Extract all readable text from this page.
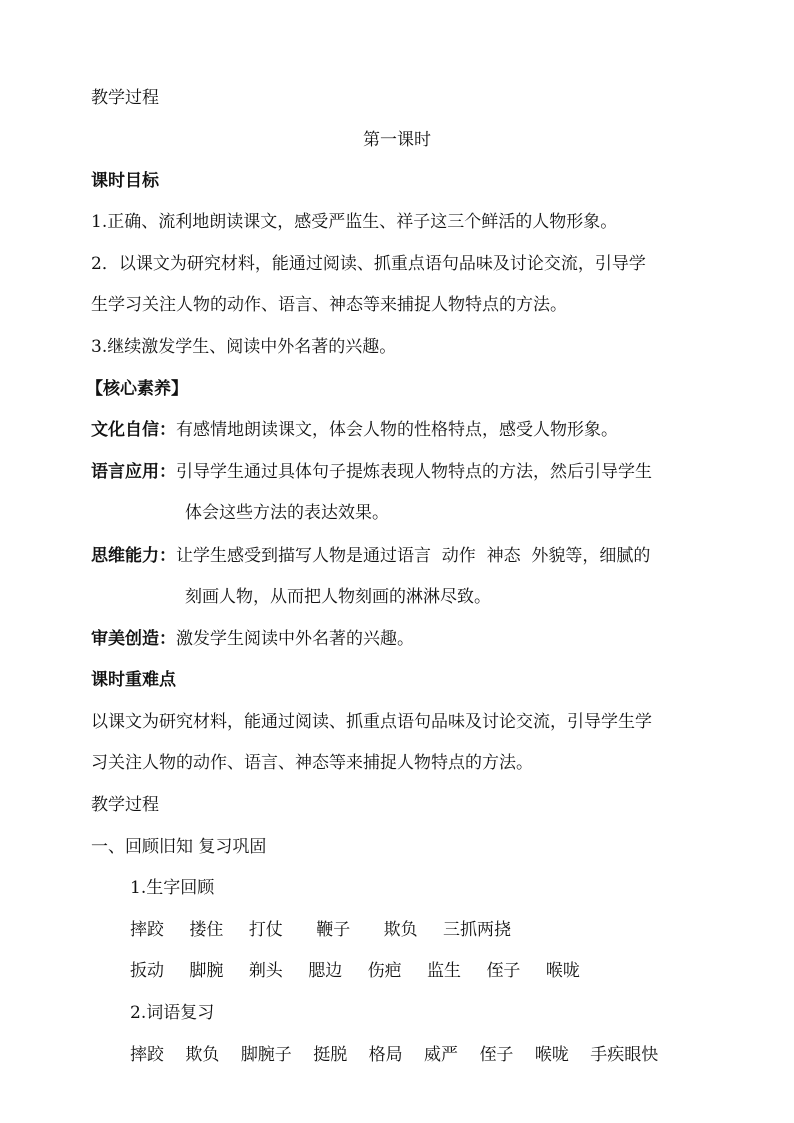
教学过程
第一课时
课时目标
1.正确、流利地朗读课文，感受严监生、祥子这三个鲜活的人物形象。
2．以课文为研究材料，能通过阅读、抓重点语句品味及讨论交流，引导学
生学习关注人物的动作、语言、神态等来捕捉人物特点的方法。
3.继续激发学生、阅读中外名著的兴趣。
【核心素养】
文化自信：有感情地朗读课文，体会人物的性格特点，感受人物形象。
语言应用：引导学生通过具体句子提炼表现人物特点的方法，然后引导学生
体会这些方法的表达效果。
思维能力：让学生感受到描写人物是通过语言  动作  神态  外貌等，细腻的
刻画人物，从而把人物刻画的淋淋尽致。
审美创造：激发学生阅读中外名著的兴趣。
课时重难点
以课文为研究材料，能通过阅读、抓重点语句品味及讨论交流，引导学生学
习关注人物的动作、语言、神态等来捕捉人物特点的方法。
教学过程
一、回顾旧知 复习巩固
1.生字回顾
摔跤 搂住 打仗 鞭子 欺负 三抓两挠
扳动 脚腕 剃头 腮边 伤疤 监生 侄子 喉咙
2.词语复习
摔跤 欺负 脚腕子 挺脱 格局 威严 侄子 喉咙 手疾眼快
